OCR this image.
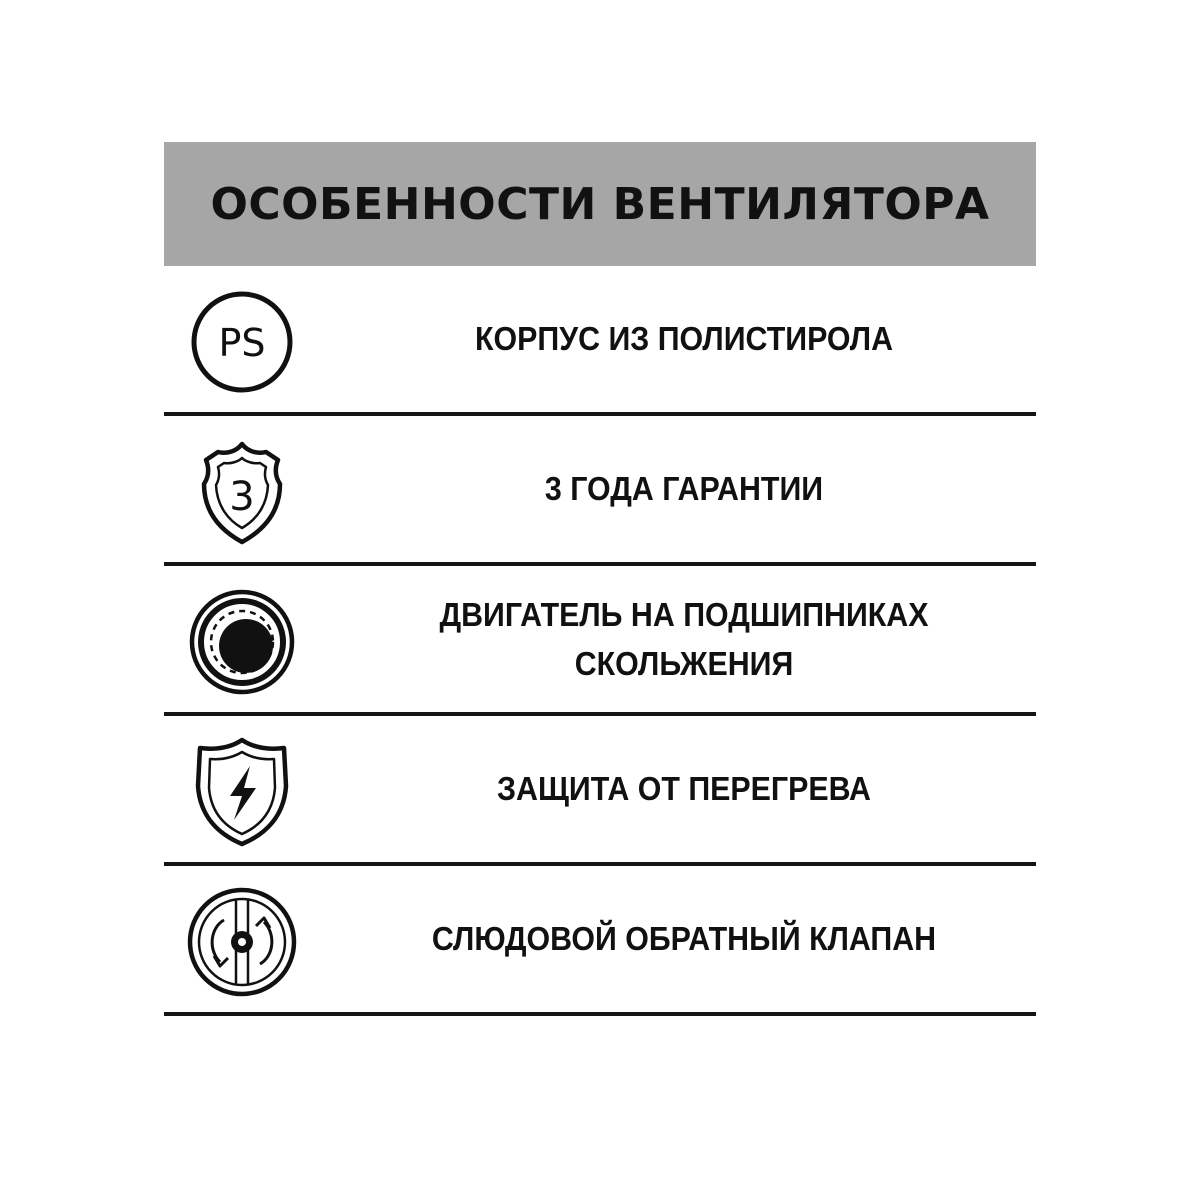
ОСОБЕННОСТИ ВЕНТИЛЯТОРА
PS	КОРПУС ИЗ ПОЛИСТИРОЛА
3	3 ГОДА ГАРАНТИИ
ДВИГАТЕЛЬ НА ПОДШИПНИКАХ
СКОЛЬЖЕНИЯ
ЗАЩИТА ОТ ПЕРЕГРЕВА
СЛЮДОВОЙ ОБРАТНЫЙ КЛАПАН
